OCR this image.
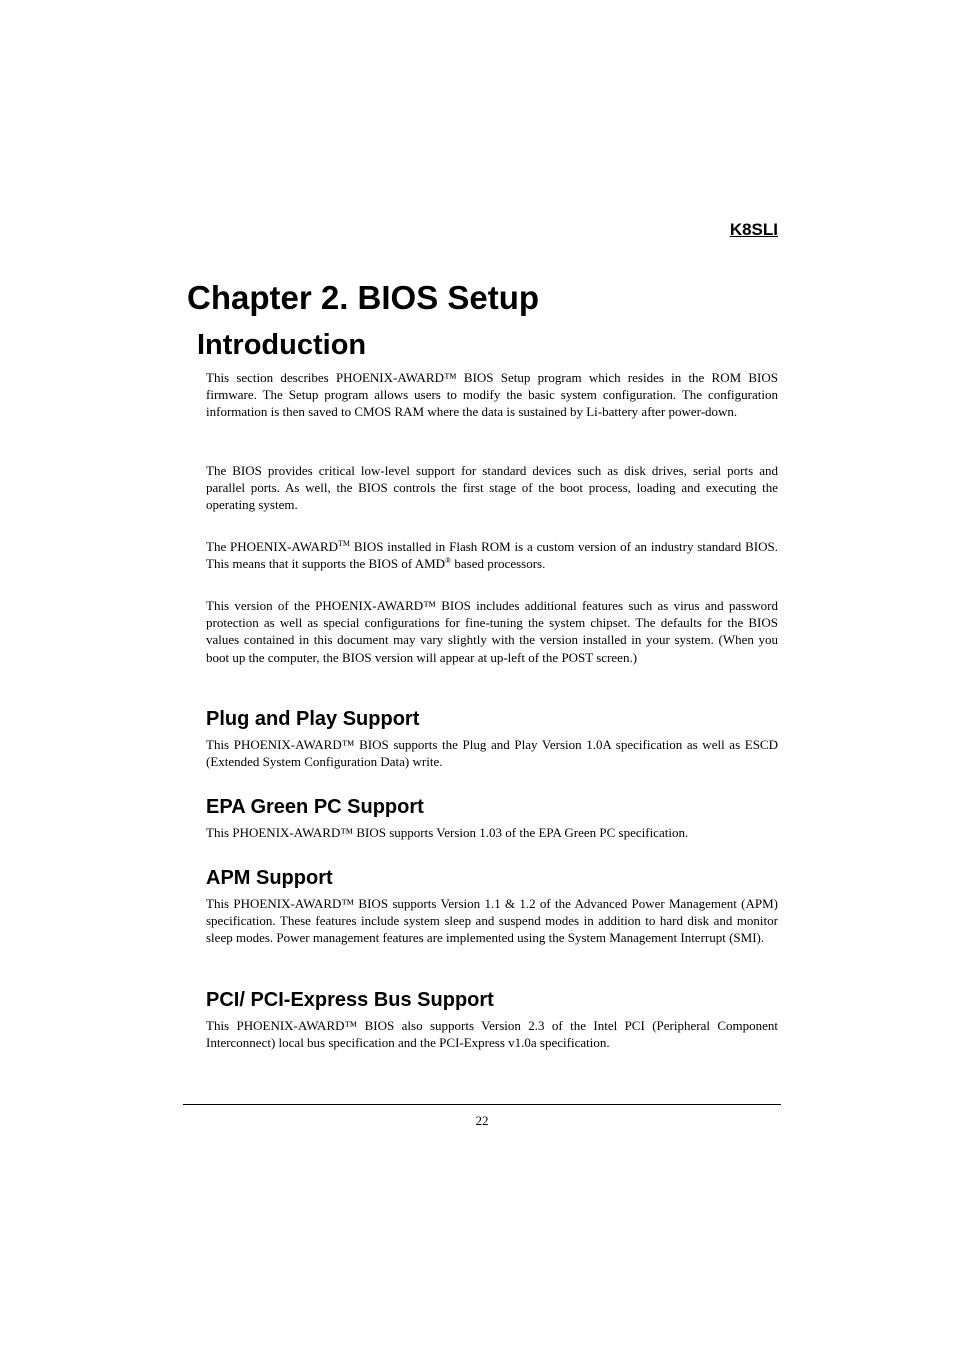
K8SLI

Chapter 2. BIOS Setup
Introduction

This section describes PHOENIX-AWARD™ BIOS Setup program which resides in the ROM BIOS firmware. The Setup program allows users to modify the basic system configuration. The configuration information is then saved to CMOS RAM where the data is sustained by Li-battery after power-down.

The BIOS provides critical low-level support for standard devices such as disk drives, serial ports and parallel ports. As well, the BIOS controls the first stage of the boot process, loading and executing the operating system.

The PHOENIX-AWARD™ BIOS installed in Flash ROM is a custom version of an industry standard BIOS. This means that it supports the BIOS of AMD® based processors.

This version of the PHOENIX-AWARD™ BIOS includes additional features such as virus and password protection as well as special configurations for fine-tuning the system chipset. The defaults for the BIOS values contained in this document may vary slightly with the version installed in your system. (When you boot up the computer, the BIOS version will appear at up-left of the POST screen.)

Plug and Play Support

This PHOENIX-AWARD™ BIOS supports the Plug and Play Version 1.0A specification as well as ESCD (Extended System Configuration Data) write.

EPA Green PC Support

This PHOENIX-AWARD™ BIOS supports Version 1.03 of the EPA Green PC specification.

APM Support

This PHOENIX-AWARD™ BIOS supports Version 1.1 & 1.2 of the Advanced Power Management (APM) specification. These features include system sleep and suspend modes in addition to hard disk and monitor sleep modes. Power management features are implemented using the System Management Interrupt (SMI).

PCI/ PCI-Express Bus Support

This PHOENIX-AWARD™ BIOS also supports Version 2.3 of the Intel PCI (Peripheral Component Interconnect) local bus specification and the PCI-Express v1.0a specification.

22
